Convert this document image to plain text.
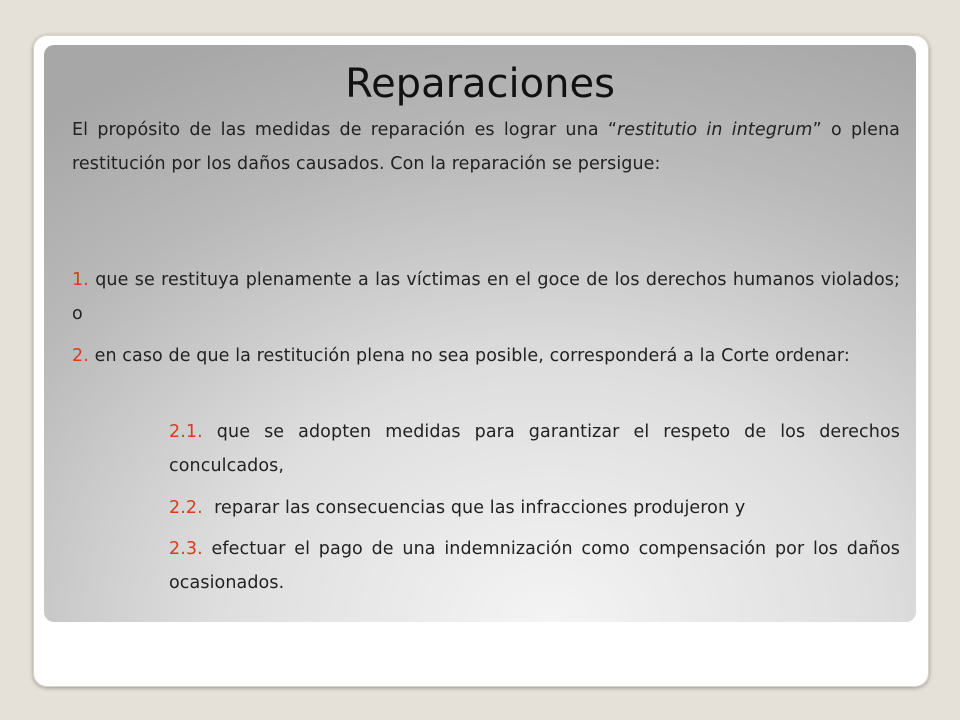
Reparaciones
El propósito de las medidas de reparación es lograr una “restitutio in integrum” o plena restitución por los daños causados. Con la reparación se persigue:
1. que se restituya plenamente a las víctimas en el goce de los derechos humanos violados; o
2. en caso de que la restitución plena no sea posible, corresponderá a la Corte ordenar:
2.1. que se adopten medidas para garantizar el respeto de los derechos conculcados,
2.2. reparar las consecuencias que las infracciones produjeron y
2.3. efectuar el pago de una indemnización como compensación por los daños ocasionados.
